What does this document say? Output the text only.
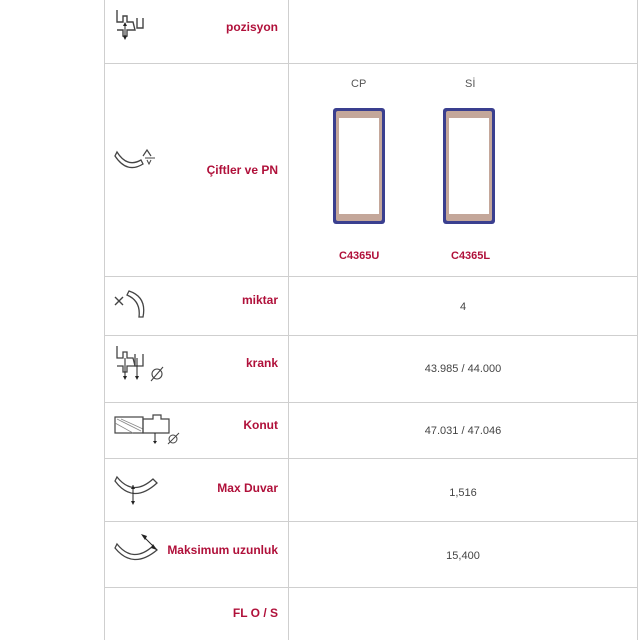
pozisyon
Çiftler ve PN
CP	Sİ
C4365U	C4365L
miktar	4
krank	43.985 / 44.000
Konut	47.031 / 47.046
Max Duvar	1,516
Maksimum uzunluk	15,400
FL O / S
